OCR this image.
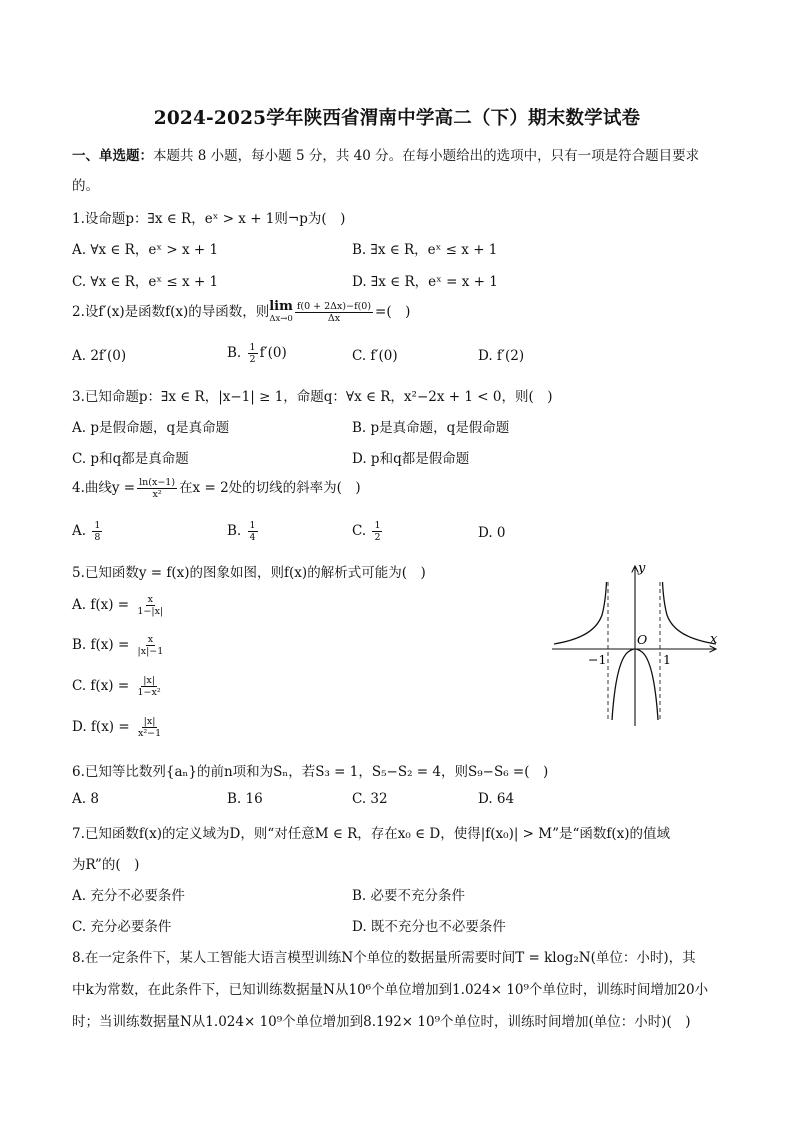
2024-2025学年陕西省渭南中学高二（下）期末数学试卷
一、单选题：本题共 8 小题，每小题 5 分，共 40 分。在每小题给出的选项中，只有一项是符合题目要求的。
1.设命题p：∃x ∈ R，eˣ > x + 1则¬p为(　)
A. ∀x ∈ R，eˣ > x + 1	B. ∃x ∈ R，eˣ ≤ x + 1
C. ∀x ∈ R，eˣ ≤ x + 1	D. ∃x ∈ R，eˣ = x + 1
2.设f′(x)是函数f(x)的导函数，则 lim
$\Delta x\to 0 \frac{f(0 + 2\Delta x)-f(0)}{\Delta x}$ =(　)
A. 2f′(0)	B. $\frac{1}{2} f'(0)$	C. f′(0)	D. f′(2)
3.已知命题p：∃x ∈ R，|x−1| ≥ 1，命题q：∀x ∈ R，x²−2x + 1 < 0，则(　)
A. p是假命题，q是真命题	B. p是真命题，q是假命题
C. p和q都是真命题	D. p和q都是假命题
4.曲线$y = \frac{\ln(x-1)}{\text{x²}}$ 在x = 2处的切线的斜率为(　)
A. $\frac{1}{8}$	B. $\frac{1}{4}$	C. $\frac{1}{2}$	D. 0
5.已知函数y = f(x)的图象如图，则f(x)的解析式可能为(　)
A. $f(x) = \frac{x}{1-|x|}$
B. $f(x) = \frac{x}{|x|-1}$
C. $f(x) = \frac{|x|}{\text{1−x²}}$
D. $f(x) = \frac{|x|}{\text{x²−1}}$
y
x
O
−1	1
6.已知等比数列{aₙ}的前n项和为Sₙ，若S₃ = 1，S₅−S₂ = 4，则S₉−S₆ =(　)
A. 8	B. 16	C. 32	D. 64
7.已知函数f(x)的定义域为D，则“对任意M ∈ R，存在x₀ ∈ D，使得|f(x₀)| > M”是“函数f(x)的值域
为R”的(　)
A. 充分不必要条件	B. 必要不充分条件
C. 充分必要条件	D. 既不充分也不必要条件
8.在一定条件下，某人工智能大语言模型训练N个单位的数据量所需要时间T = klog₂N(单位：小时)，其
中k为常数，在此条件下，已知训练数据量N从10⁶个单位增加到1.024× 10⁹个单位时，训练时间增加20小
时；当训练数据量N从1.024× 10⁹个单位增加到8.192× 10⁹个单位时，训练时间增加(单位：小时)(　)
